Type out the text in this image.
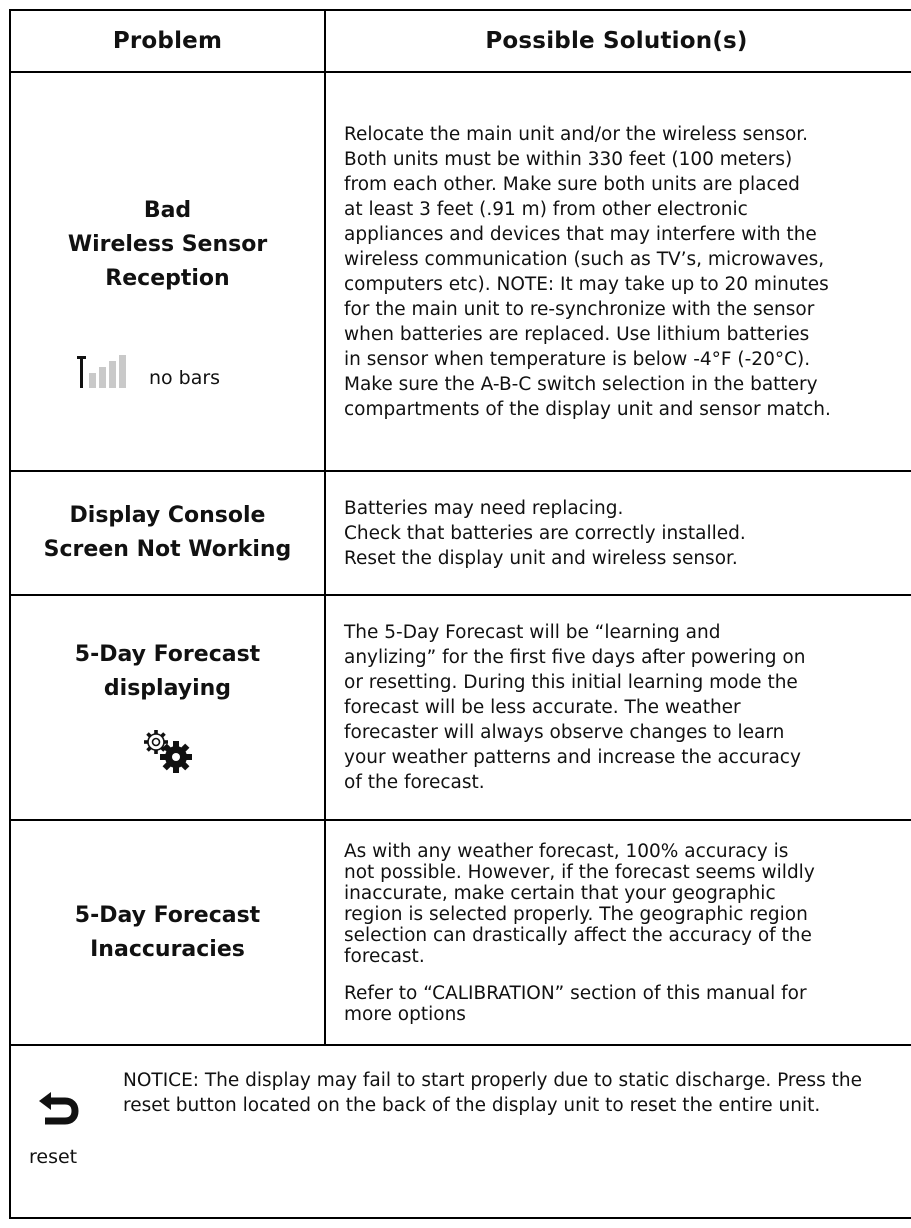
Problem	Possible Solution(s)
Bad
Wireless Sensor
Reception
no bars
Relocate the main unit and/or the wireless sensor.
Both units must be within 330 feet (100 meters)
from each other. Make sure both units are placed
at least 3 feet (.91 m) from other electronic
appliances and devices that may interfere with the
wireless communication (such as TV’s, microwaves,
computers etc). NOTE: It may take up to 20 minutes
for the main unit to re-synchronize with the sensor
when batteries are replaced. Use lithium batteries
in sensor when temperature is below -4°F (-20°C).
Make sure the A-B-C switch selection in the battery
compartments of the display unit and sensor match.
Display Console
Screen Not Working
Batteries may need replacing.
Check that batteries are correctly installed.
Reset the display unit and wireless sensor.
5-Day Forecast
displaying
The 5-Day Forecast will be “learning and
anylizing” for the first five days after powering on
or resetting. During this initial learning mode the
forecast will be less accurate. The weather
forecaster will always observe changes to learn
your weather patterns and increase the accuracy
of the forecast.
5-Day Forecast
Inaccuracies
As with any weather forecast, 100% accuracy is
not possible. However, if the forecast seems wildly
inaccurate, make certain that your geographic
region is selected properly. The geographic region
selection can drastically affect the accuracy of the
forecast.
Refer to “CALIBRATION” section of this manual for
more options
reset
NOTICE: The display may fail to start properly due to static discharge. Press the reset button located on the back of the display unit to reset the entire unit.
